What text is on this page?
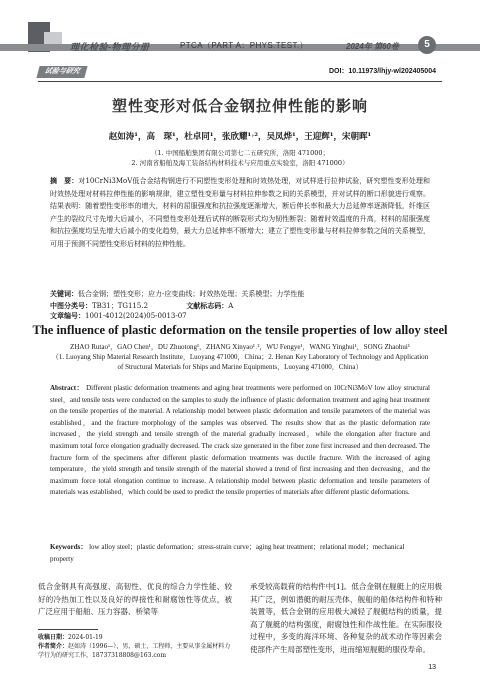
理化检验-物理分册	PTCA（PART A：PHYS.TEST.）	2024年 第60卷	5
试验与研究	DOI：10.11973/lhjy-wl202405004
塑性变形对低合金钢拉伸性能的影响
赵如涛¹，高　琛¹，杜卓同¹，张欣耀¹˒²，吴凤烨¹，王迎辉¹，宋朝晖¹
（1. 中国船舶集团有限公司第七二五研究所，洛阳 471000；
2. 河南省船舶及海工装备结构材料技术与应用重点实验室，洛阳 471000）
摘　要：对10CrNi3MoV低合金结构钢进行不同塑性变形处理和时效热处理，对试样进行拉伸试验，研究塑性变形处理和时效热处理对材料拉伸性能的影响规律，建立塑性变形量与材料拉伸参数之间的关系模型，并对试样的断口形貌进行观察。结果表明：随着塑性变形率的增大，材料的屈服强度和抗拉强度逐渐增大，断后伸长率和最大力总延伸率逐渐降低，纤维区产生的裂纹尺寸先增大后减小，不同塑性变形处理后试样的断裂形式均为韧性断裂；随着时效温度的升高，材料的屈服强度和抗拉强度均呈先增大后减小的变化趋势，最大力总延伸率不断增大；建立了塑性变形量与材料拉伸参数之间的关系模型，可用于预测不同塑性变形后材料的拉伸性能。
关键词：低合金钢；塑性变形；应力-应变曲线；时效热处理；关系模型；力学性能
中图分类号：TB31；TG115.2	文献标志码：A 文章编号：1001-4012(2024)05-0013-07
The influence of plastic deformation on the tensile properties of low alloy steel
ZHAO Rutao¹，GAO Chen¹，DU Zhuotong¹，ZHANG Xinyao¹˒²，WU Fengye¹，WANG Yinghui¹，SONG Zhaohui¹
（1. Luoyang Ship Material Research Institute，Luoyang 471000，China；2. Henan Key Laboratory of Technology and Application of Structural Materials for Ships and Marine Equipments，Luoyang 471000，China）
Abstract： Different plastic deformation treatments and aging heat treatments were performed on 10CrNi3MoV low alloy structural steel，and tensile tests were conducted on the samples to study the influence of plastic deformation treatment and aging heat treatment on the tensile properties of the material. A relationship model between plastic deformation and tensile parameters of the material was established，and the fracture morphology of the samples was observed. The results show that as the plastic deformation rate increased，the yield strength and tensile strength of the material gradually increased，while the elongation after fracture and maximum total force elongation gradually decreased. The crack size generated in the fiber zone first increased and then decreased. The fracture form of the specimens after different plastic deformation treatments was ductile fracture. With the increased of aging temperature，the yield strength and tensile strength of the material showed a trend of first increasing and then decreasing，and the maximum force total elongation continue to increase. A relationship model between plastic deformation and tensile parameters of materials was established，which could be used to predict the tensile properties of materials after different plastic deformations.
Keywords： low alloy steel；plastic deformation；stress-strain curve；aging heat treatment；relational model；mechanical property
低合金钢具有高强度、高韧性、优良的综合力学性能、较好的冷热加工性以及良好的焊接性和耐腐蚀性等优点，被广泛应用于船舶、压力容器、桥梁等
承受较高载荷的结构件中[1]。低合金钢在舰艇上的应用极其广泛，例如潜艇的耐压壳体、舰船的船体结构件和特种装置等，低合金钢的应用极大减轻了舰艇结构的质量，提高了舰艇的结构强度，耐腐蚀性和作战性能。在实际服役过程中，多变的海洋环境、各种复杂的战术动作等因素会使部件产生局部塑性变形，进而缩短舰艇的服役寿命。
收稿日期：2024-01-19
作者简介：赵如涛（1996—），男，硕士，工程师，主要从事金属材料力学行为的研究工作，18737318808@163.com
13
